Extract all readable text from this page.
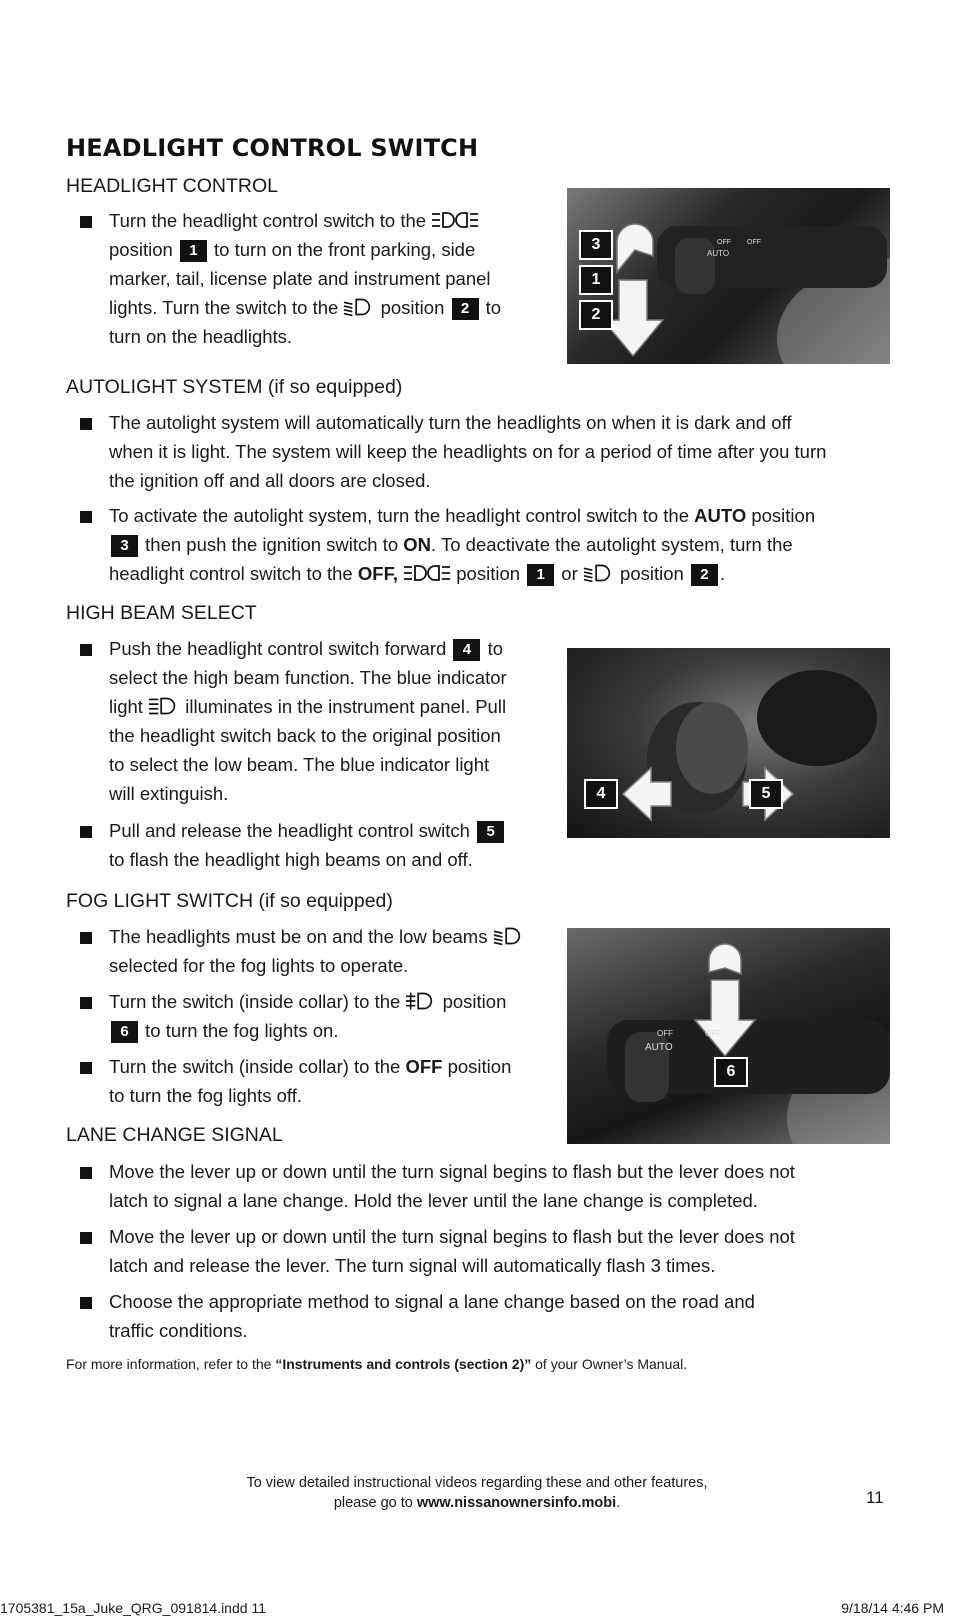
HEADLIGHT CONTROL SWITCH

HEADLIGHT CONTROL

Turn the headlight control switch to the
position 1 to turn on the front parking, side
marker, tail, license plate and instrument panel
lights. Turn the switch to the position 2 to
turn on the headlights.
OFF OFF
AUTO
3
1
2

AUTOLIGHT SYSTEM (if so equipped)

The autolight system will automatically turn the headlights on when it is dark and off
when it is light. The system will keep the headlights on for a period of time after you turn
the ignition off and all doors are closed.
To activate the autolight system, turn the headlight control switch to the AUTO position
3 then push the ignition switch to ON. To deactivate the autolight system, turn the
headlight control switch to the OFF,	position 1 or position 2 .

HIGH BEAM SELECT

Push the headlight control switch forward 4 to
select the high beam function. The blue indicator
light illuminates in the instrument panel. Pull
the headlight switch back to the original position
to select the low beam. The blue indicator light
will extinguish.
Pull and release the headlight control switch 5
to flash the headlight high beams on and off.
4	5

FOG LIGHT SWITCH (if so equipped)

The headlights must be on and the low beams
selected for the fog lights to operate.
Turn the switch (inside collar) to the position
6 to turn the fog lights on.
Turn the switch (inside collar) to the OFF position
to turn the fog lights off.
OFF	OFF
AUTO
6

LANE CHANGE SIGNAL

Move the lever up or down until the turn signal begins to flash but the lever does not
latch to signal a lane change. Hold the lever until the lane change is completed.
Move the lever up or down until the turn signal begins to flash but the lever does not
latch and release the lever. The turn signal will automatically flash 3 times.
Choose the appropriate method to signal a lane change based on the road and
traffic conditions.
For more information, refer to the “Instruments and controls (section 2)” of your Owner’s Manual.
To view detailed instructional videos regarding these and other features,
please go to www.nissanownersinfo.mobi.	11
1705381_15a_Juke_QRG_091814.indd 11	9/18/14 4:46 PM
